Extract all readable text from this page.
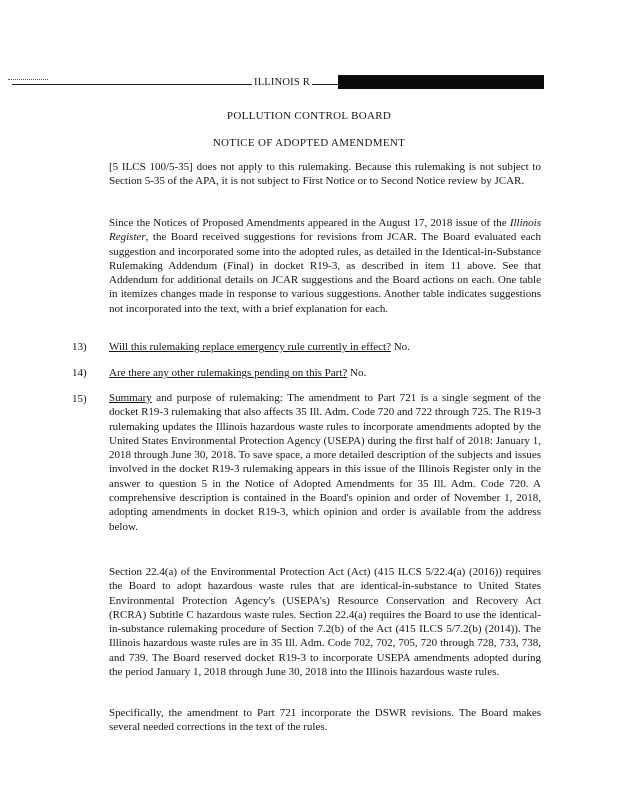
ILLINOIS R
POLLUTION CONTROL BOARD
NOTICE OF ADOPTED AMENDMENT

[5 ILCS 100/5-35] does not apply to this rulemaking. Because this rulemaking is not subject to Section 5-35 of the APA, it is not subject to First Notice or to Second Notice review by JCAR.

Since the Notices of Proposed Amendments appeared in the August 17, 2018 issue of the Illinois Register, the Board received suggestions for revisions from JCAR. The Board evaluated each suggestion and incorporated some into the adopted rules, as detailed in the Identical-in-Substance Rulemaking Addendum (Final) in docket R19-3, as described in item 11 above. See that Addendum for additional details on JCAR suggestions and the Board actions on each. One table in itemizes changes made in response to various suggestions. Another table indicates suggestions not incorporated into the text, with a brief explanation for each.

13) Will this rulemaking replace emergency rule currently in effect? No.
14) Are there any other rulemakings pending on this Part? No.
15) Summary and purpose of rulemaking: The amendment to Part 721 is a single segment of the docket R19-3 rulemaking that also affects 35 Ill. Adm. Code 720 and 722 through 725. The R19-3 rulemaking updates the Illinois hazardous waste rules to incorporate amendments adopted by the United States Environmental Protection Agency (USEPA) during the first half of 2018: January 1, 2018 through June 30, 2018. To save space, a more detailed description of the subjects and issues involved in the docket R19-3 rulemaking appears in this issue of the Illinois Register only in the answer to question 5 in the Notice of Adopted Amendments for 35 Ill. Adm. Code 720. A comprehensive description is contained in the Board's opinion and order of November 1, 2018, adopting amendments in docket R19-3, which opinion and order is available from the address below.

Section 22.4(a) of the Environmental Protection Act (Act) (415 ILCS 5/22.4(a) (2016)) requires the Board to adopt hazardous waste rules that are identical-in-substance to United States Environmental Protection Agency's (USEPA's) Resource Conservation and Recovery Act (RCRA) Subtitle C hazardous waste rules. Section 22.4(a) requires the Board to use the identical-in-substance rulemaking procedure of Section 7.2(b) of the Act (415 ILCS 5/7.2(b) (2014)). The Illinois hazardous waste rules are in 35 Ill. Adm. Code 702, 702, 705, 720 through 728, 733, 738, and 739. The Board reserved docket R19-3 to incorporate USEPA amendments adopted during the period January 1, 2018 through June 30, 2018 into the Illinois hazardous waste rules.

Specifically, the amendment to Part 721 incorporate the DSWR revisions. The Board makes several needed corrections in the text of the rules.
